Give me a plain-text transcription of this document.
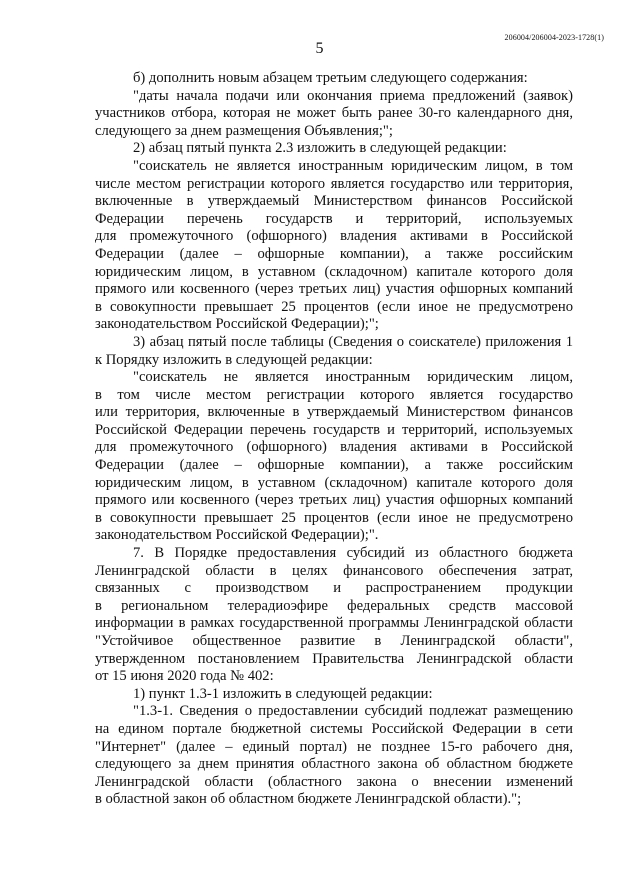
206004/206004-2023-1728(1)
5
б) дополнить новым абзацем третьим следующего содержания:
"даты начала подачи или окончания приема предложений (заявок)
участников отбора, которая не может быть ранее 30-го календарного дня,
следующего за днем размещения Объявления;";
2) абзац пятый пункта 2.3 изложить в следующей редакции:
"соискатель не является иностранным юридическим лицом, в том
числе местом регистрации которого является государство или территория,
включенные в утверждаемый Министерством финансов Российской
Федерации перечень государств и территорий, используемых
для промежуточного (офшорного) владения активами в Российской
Федерации (далее – офшорные компании), а также российским
юридическим лицом, в уставном (складочном) капитале которого доля
прямого или косвенного (через третьих лиц) участия офшорных компаний
в совокупности превышает 25 процентов (если иное не предусмотрено
законодательством Российской Федерации);";
3) абзац пятый после таблицы (Сведения о соискателе) приложения 1
к Порядку изложить в следующей редакции:
"соискатель не является иностранным юридическим лицом,
в том числе местом регистрации которого является государство
или территория, включенные в утверждаемый Министерством финансов
Российской Федерации перечень государств и территорий, используемых
для промежуточного (офшорного) владения активами в Российской
Федерации (далее – офшорные компании), а также российским
юридическим лицом, в уставном (складочном) капитале которого доля
прямого или косвенного (через третьих лиц) участия офшорных компаний
в совокупности превышает 25 процентов (если иное не предусмотрено
законодательством Российской Федерации);".
7. В Порядке предоставления субсидий из областного бюджета
Ленинградской области в целях финансового обеспечения затрат,
связанных с производством и распространением продукции
в региональном телерадиоэфире федеральных средств массовой
информации в рамках государственной программы Ленинградской области
"Устойчивое общественное развитие в Ленинградской области",
утвержденном постановлением Правительства Ленинградской области
от 15 июня 2020 года № 402:
1) пункт 1.3-1 изложить в следующей редакции:
"1.3-1. Сведения о предоставлении субсидий подлежат размещению
на едином портале бюджетной системы Российской Федерации в сети
"Интернет" (далее – единый портал) не позднее 15-го рабочего дня,
следующего за днем принятия областного закона об областном бюджете
Ленинградской области (областного закона о внесении изменений
в областной закон об областном бюджете Ленинградской области).";
